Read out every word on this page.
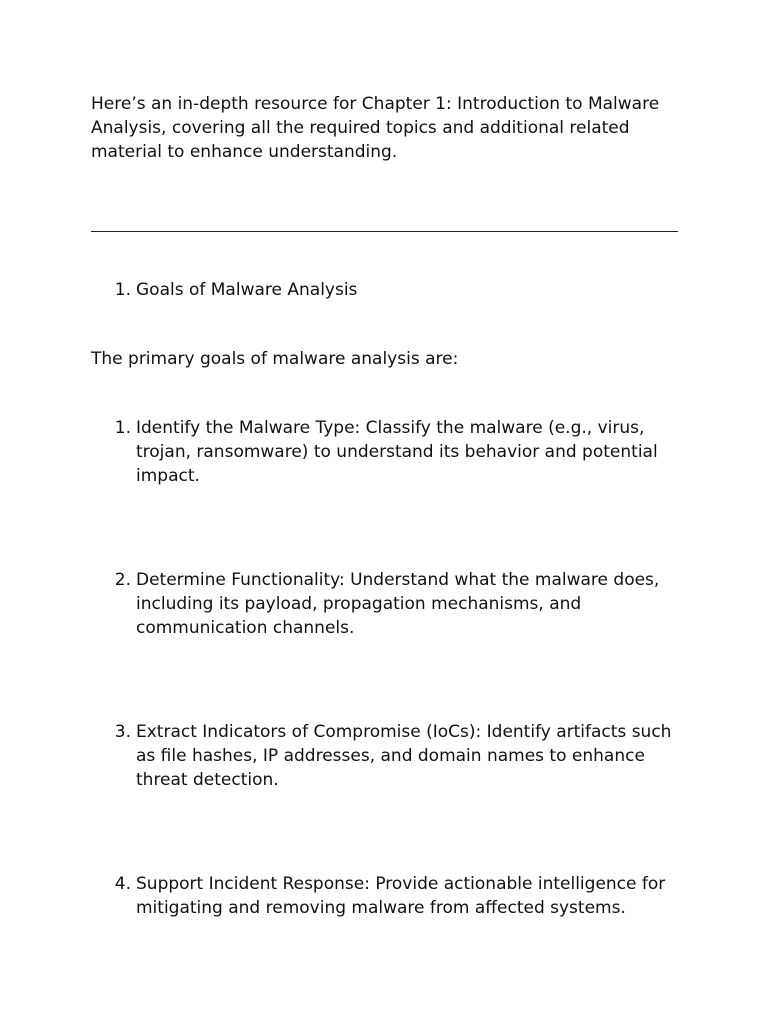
Here’s an in-depth resource for Chapter 1: Introduction to Malware Analysis, covering all the required topics and additional related material to enhance understanding.

1. Goals of Malware Analysis

The primary goals of malware analysis are:

1. Identify the Malware Type: Classify the malware (e.g., virus, trojan, ransomware) to understand its behavior and potential impact.
2. Determine Functionality: Understand what the malware does, including its payload, propagation mechanisms, and communication channels.
3. Extract Indicators of Compromise (IoCs): Identify artifacts such as file hashes, IP addresses, and domain names to enhance threat detection.
4. Support Incident Response: Provide actionable intelligence for mitigating and removing malware from affected systems.
